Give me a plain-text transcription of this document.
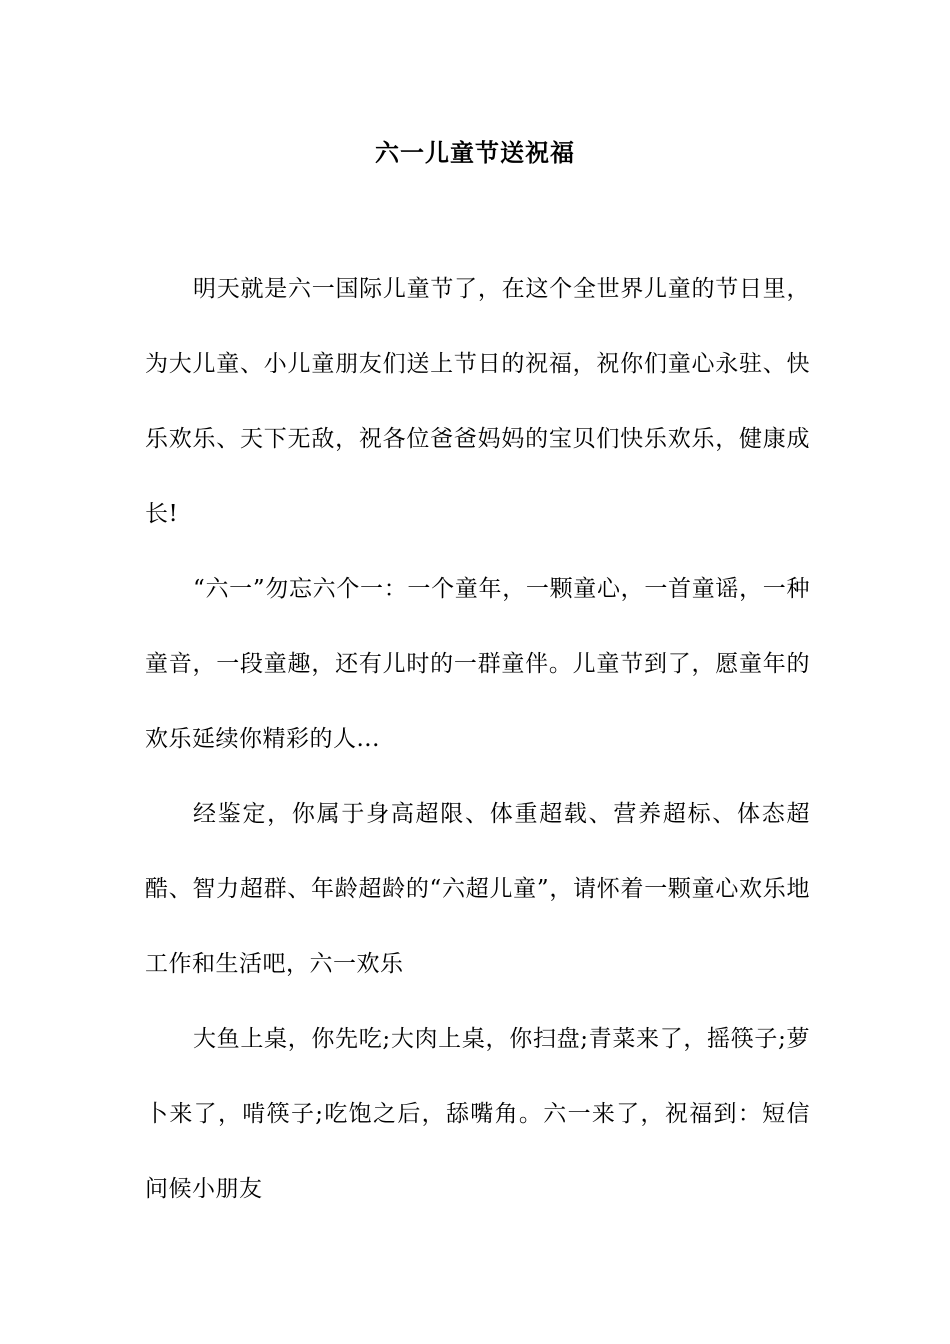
六一儿童节送祝福

明天就是六一国际儿童节了，在这个全世界儿童的节日里，为大儿童、小儿童朋友们送上节日的祝福，祝你们童心永驻、快乐欢乐、天下无敌，祝各位爸爸妈妈的宝贝们快乐欢乐，健康成长!

“六一”勿忘六个一：一个童年，一颗童心，一首童谣，一种童音，一段童趣，还有儿时的一群童伴。儿童节到了，愿童年的欢乐延续你精彩的人...

经鉴定，你属于身高超限、体重超载、营养超标、体态超酷、智力超群、年龄超龄的“六超儿童”，请怀着一颗童心欢乐地工作和生活吧，六一欢乐

大鱼上桌，你先吃;大肉上桌，你扫盘;青菜来了，摇筷子;萝卜来了，啃筷子;吃饱之后，舔嘴角。六一来了，祝福到：短信问候小朋友
